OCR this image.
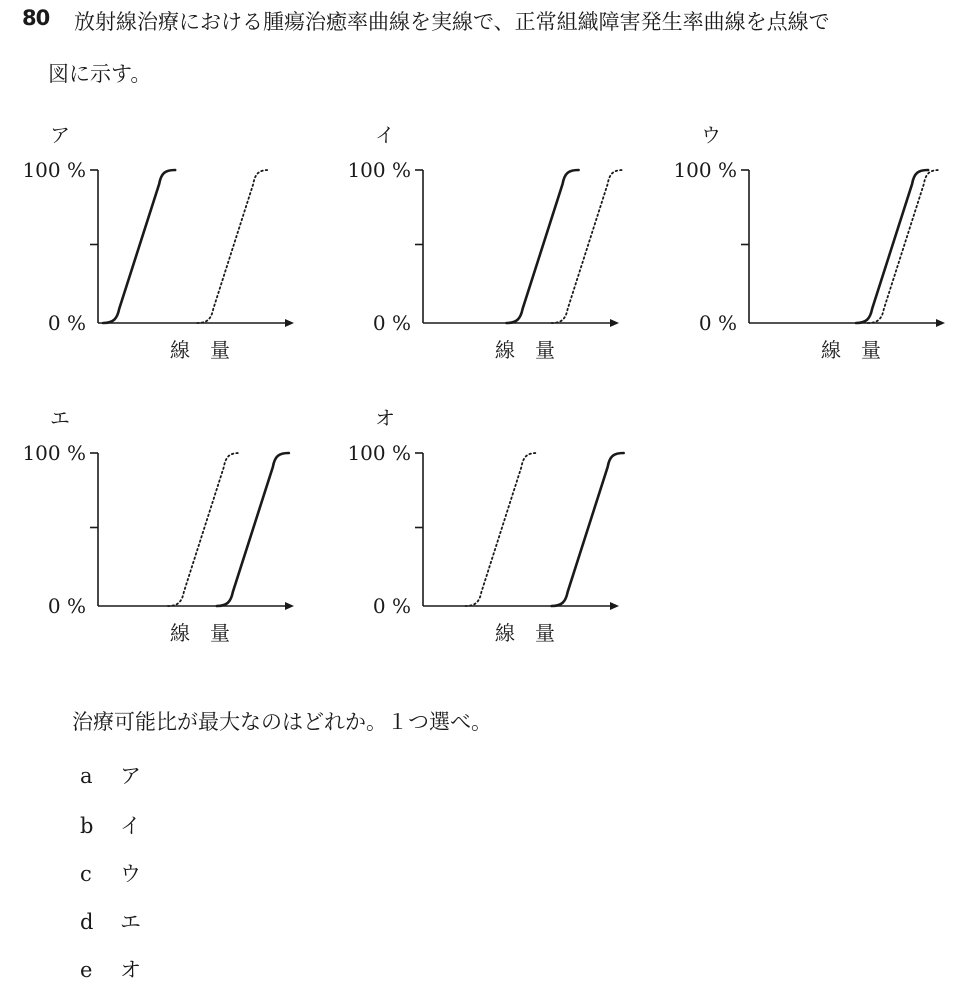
80 放射線治療における腫瘍治癒率曲線を実線で、正常組織障害発生率曲線を点線で
図に示す。
ア
100 %
0 %
線　量
イ
100 %
0 %
線　量
ウ
100 %
0 %
線　量
エ
100 %
0 %
線　量
オ
100 %
0 %
線　量
治療可能比が最大なのはどれか。１つ選べ。
a ア
b イ
c ウ
d エ
e オ
